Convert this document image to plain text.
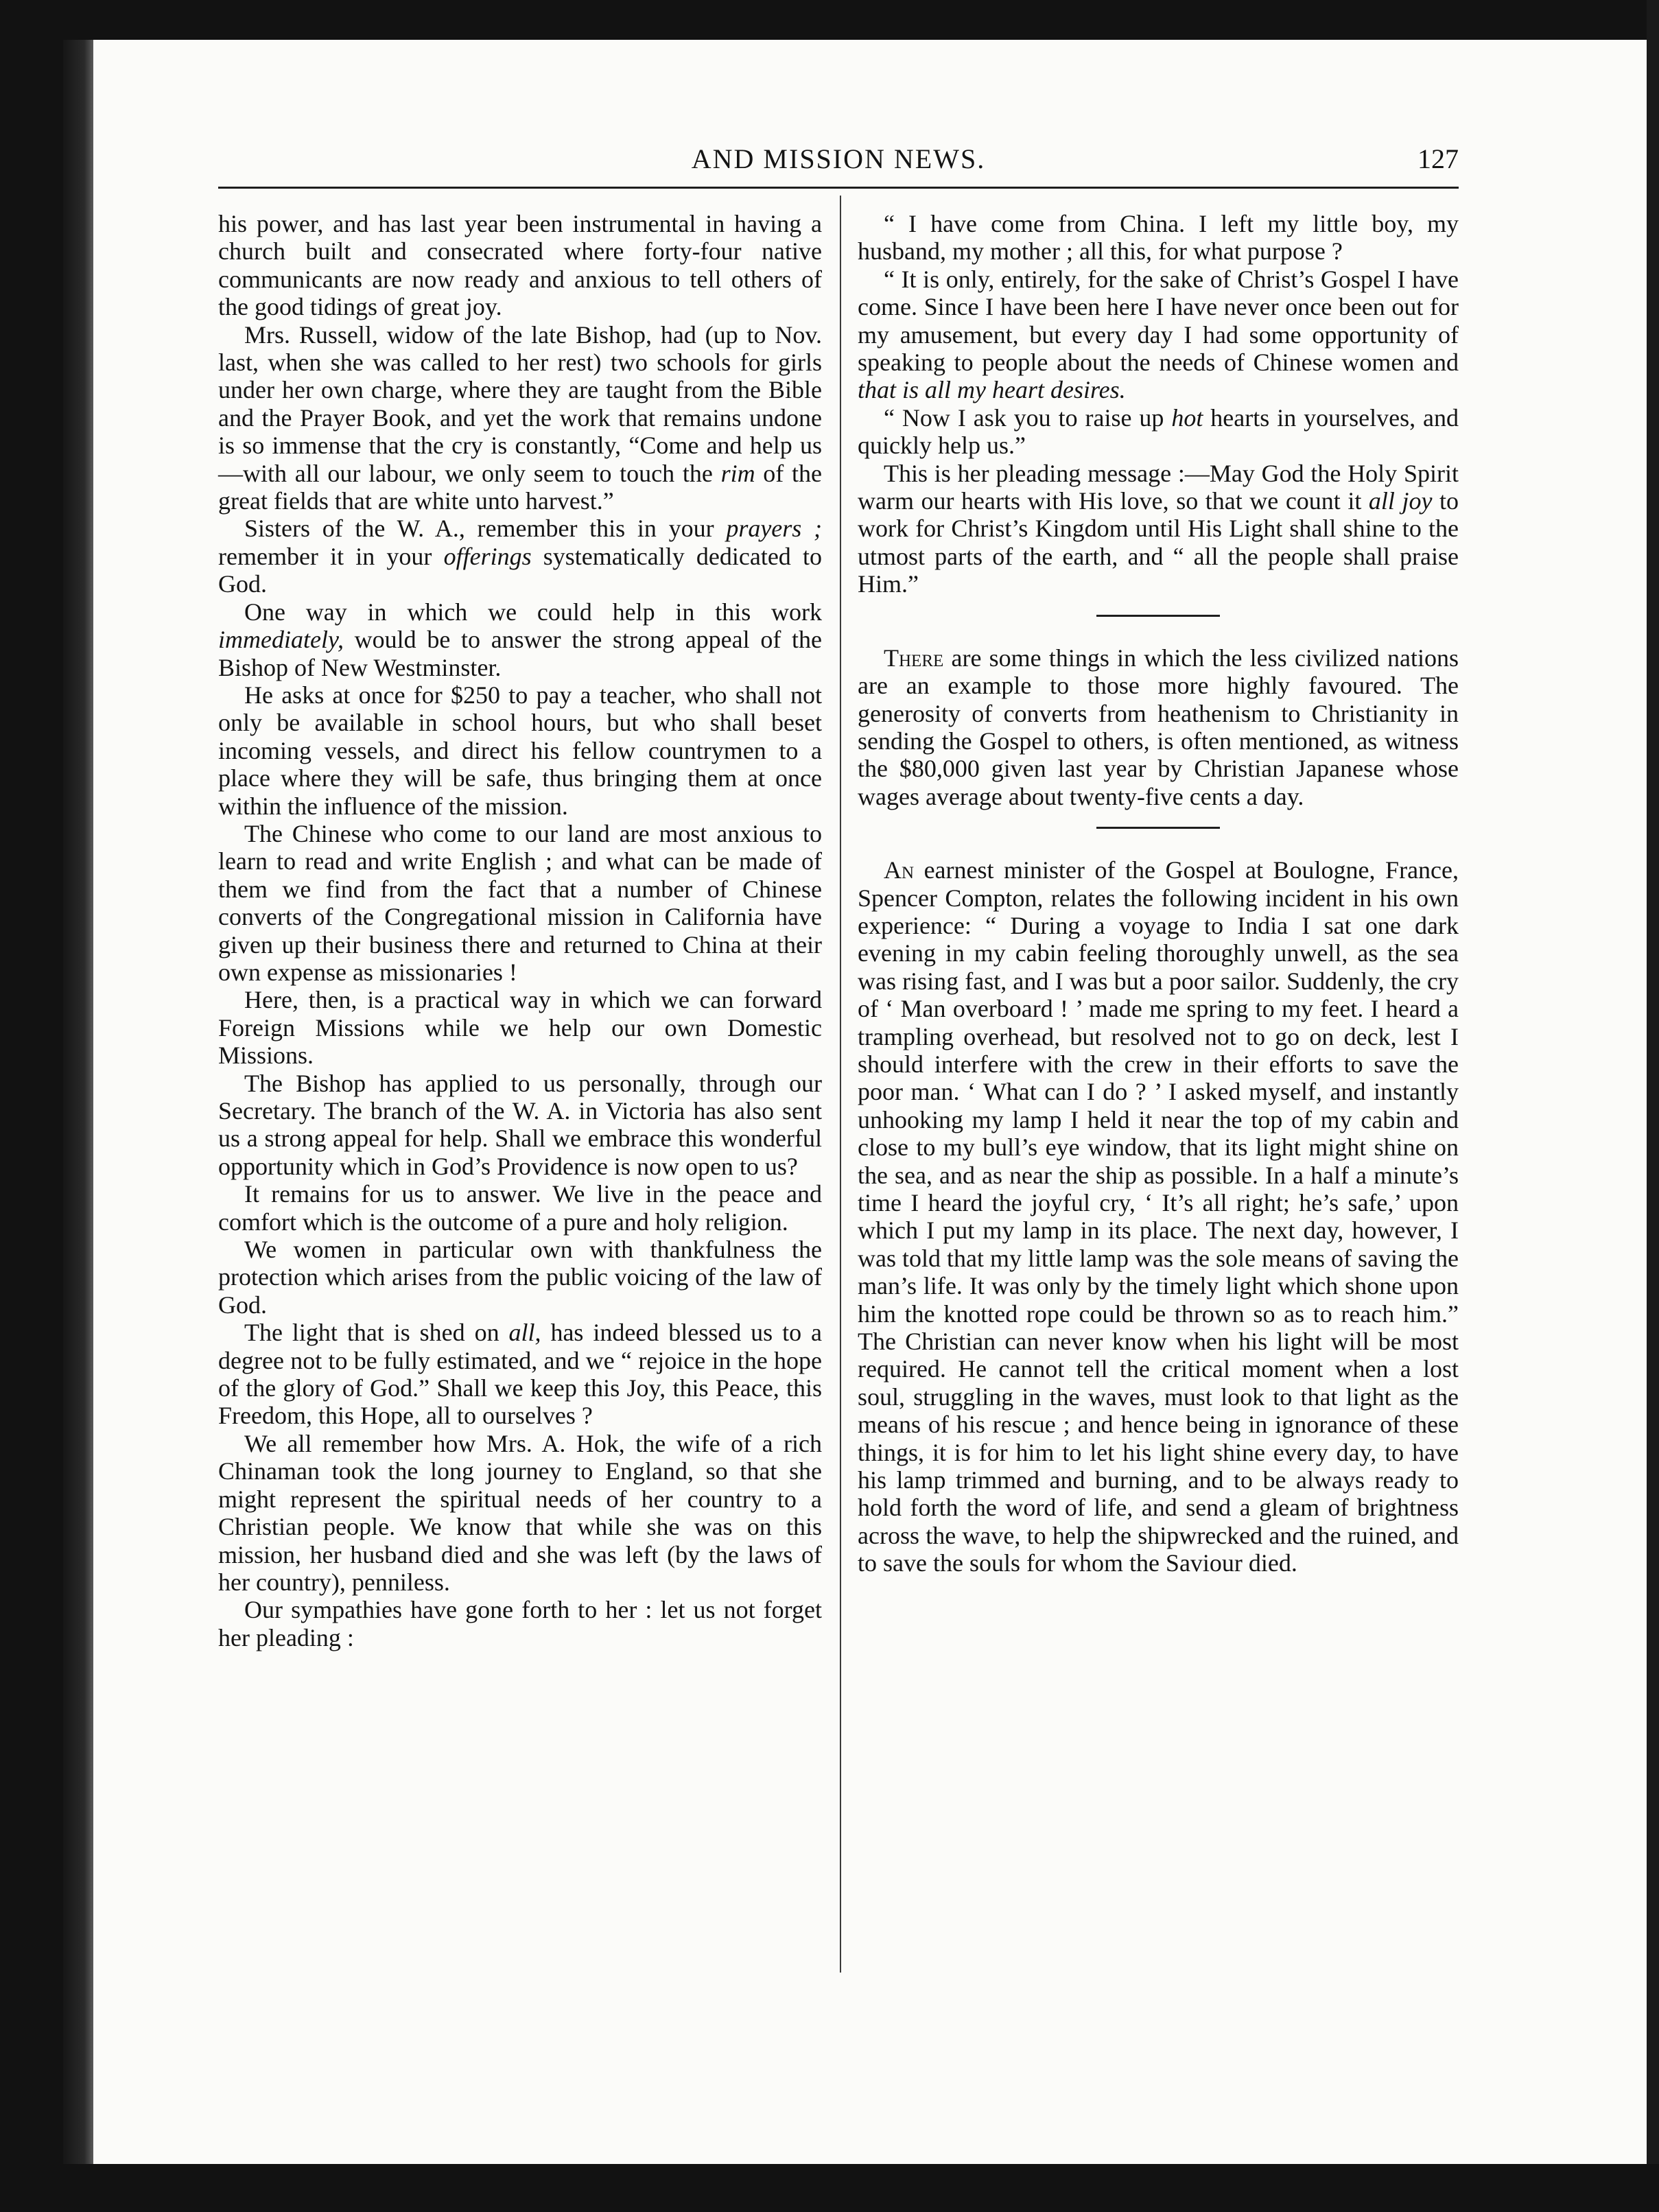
AND MISSION NEWS.	127

his power, and has last year been instrumental in having a church built and consecrated where forty-four native communicants are now ready and anxious to tell others of the good tidings of great joy.

Mrs. Russell, widow of the late Bishop, had (up to Nov. last, when she was called to her rest) two schools for girls under her own charge, where they are taught from the Bible and the Prayer Book, and yet the work that remains undone is so immense that the cry is constantly, “Come and help us—with all our labour, we only seem to touch the rim of the great fields that are white unto harvest.”

Sisters of the W. A., remember this in your prayers ; remember it in your offerings systematically dedicated to God.

One way in which we could help in this work immediately, would be to answer the strong appeal of the Bishop of New Westminster.

He asks at once for $250 to pay a teacher, who shall not only be available in school hours, but who shall beset incoming vessels, and direct his fellow countrymen to a place where they will be safe, thus bringing them at once within the influence of the mission.

The Chinese who come to our land are most anxious to learn to read and write English ; and what can be made of them we find from the fact that a number of Chinese converts of the Congregational mission in California have given up their business there and returned to China at their own expense as missionaries !

Here, then, is a practical way in which we can forward Foreign Missions while we help our own Domestic Missions.

The Bishop has applied to us personally, through our Secretary. The branch of the W. A. in Victoria has also sent us a strong appeal for help. Shall we embrace this wonderful opportunity which in God’s Providence is now open to us?

It remains for us to answer. We live in the peace and comfort which is the outcome of a pure and holy religion.

We women in particular own with thankfulness the protection which arises from the public voicing of the law of God.

The light that is shed on all, has indeed blessed us to a degree not to be fully estimated, and we “ rejoice in the hope of the glory of God.” Shall we keep this Joy, this Peace, this Freedom, this Hope, all to ourselves ?

We all remember how Mrs. A. Hok, the wife of a rich Chinaman took the long journey to England, so that she might represent the spiritual needs of her country to a Christian people. We know that while she was on this mission, her husband died and she was left (by the laws of her country), penniless.

Our sympathies have gone forth to her : let us not forget her pleading :

“ I have come from China. I left my little boy, my husband, my mother ; all this, for what purpose ?

“ It is only, entirely, for the sake of Christ’s Gospel I have come. Since I have been here I have never once been out for my amusement, but every day I had some opportunity of speaking to people about the needs of Chinese women and that is all my heart desires.

“ Now I ask you to raise up hot hearts in yourselves, and quickly help us.”

This is her pleading message :—May God the Holy Spirit warm our hearts with His love, so that we count it all joy to work for Christ’s Kingdom until His Light shall shine to the utmost parts of the earth, and “ all the people shall praise Him.”

There are some things in which the less civilized nations are an example to those more highly favoured. The generosity of converts from heathenism to Christianity in sending the Gospel to others, is often mentioned, as witness the $80,000 given last year by Christian Japanese whose wages average about twenty-five cents a day.

An earnest minister of the Gospel at Boulogne, France, Spencer Compton, relates the following incident in his own experience: “ During a voyage to India I sat one dark evening in my cabin feeling thoroughly unwell, as the sea was rising fast, and I was but a poor sailor. Suddenly, the cry of ‘ Man overboard ! ’ made me spring to my feet. I heard a trampling overhead, but resolved not to go on deck, lest I should interfere with the crew in their efforts to save the poor man. ‘ What can I do ? ’ I asked myself, and instantly unhooking my lamp I held it near the top of my cabin and close to my bull’s eye window, that its light might shine on the sea, and as near the ship as possible. In a half a minute’s time I heard the joyful cry, ‘ It’s all right; he’s safe,’ upon which I put my lamp in its place. The next day, however, I was told that my little lamp was the sole means of saving the man’s life. It was only by the timely light which shone upon him the knotted rope could be thrown so as to reach him.” The Christian can never know when his light will be most required. He cannot tell the critical moment when a lost soul, struggling in the waves, must look to that light as the means of his rescue ; and hence being in ignorance of these things, it is for him to let his light shine every day, to have his lamp trimmed and burning, and to be always ready to hold forth the word of life, and send a gleam of brightness across the wave, to help the shipwrecked and the ruined, and to save the souls for whom the Saviour died.
